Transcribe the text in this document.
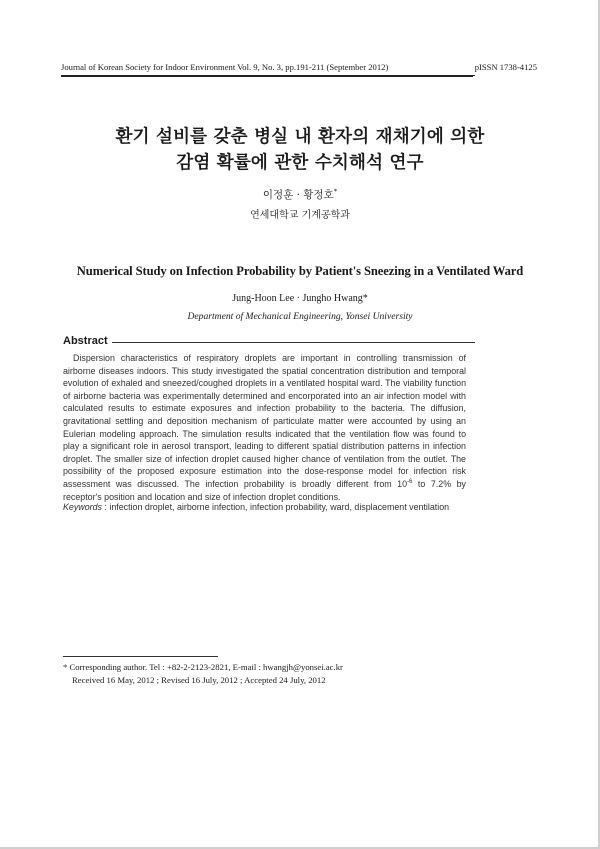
Journal of Korean Society for Indoor Environment Vol. 9, No. 3, pp.191-211 (September 2012)	pISSN 1738-4125
환기 설비를 갖춘 병실 내 환자의 재채기에 의한
감염 확률에 관한 수치해석 연구
이정훈 · 황정호*
연세대학교 기계공학과
Numerical Study on Infection Probability by Patient's Sneezing in a Ventilated Ward
Jung-Hoon Lee · Jungho Hwang*
Department of Mechanical Engineering, Yonsei University
Abstract

Dispersion characteristics of respiratory droplets are important in controlling transmission of airborne diseases indoors. This study investigated the spatial concentration distribution and temporal evolution of exhaled and sneezed/coughed droplets in a ventilated hospital ward. The viability function of airborne bacteria was experimentally determined and encorporated into an air infection model with calculated results to estimate exposures and infection probability to the bacteria. The diffusion, gravitational settling and deposition mechanism of particulate matter were accounted by using an Eulerian modeling approach. The simulation results indicated that the ventilation flow was found to play a significant role in aerosol transport, leading to different spatial distribution patterns in infection droplet. The smaller size of infection droplet caused higher chance of ventilation from the outlet. The possibility of the proposed exposure estimation into the dose-response model for infection risk assessment was discussed. The infection probability is broadly different from $10^{-6}$ to 7.2% by receptor's position and location and size of infection droplet conditions.

Keywords : infection droplet, airborne infection, infection probability, ward, displacement ventilation
* Corresponding author. Tel : +82-2-2123-2821, E-mail : hwangjh@yonsei.ac.kr
Received 16 May, 2012 ; Revised 16 July, 2012 ; Accepted 24 July, 2012
